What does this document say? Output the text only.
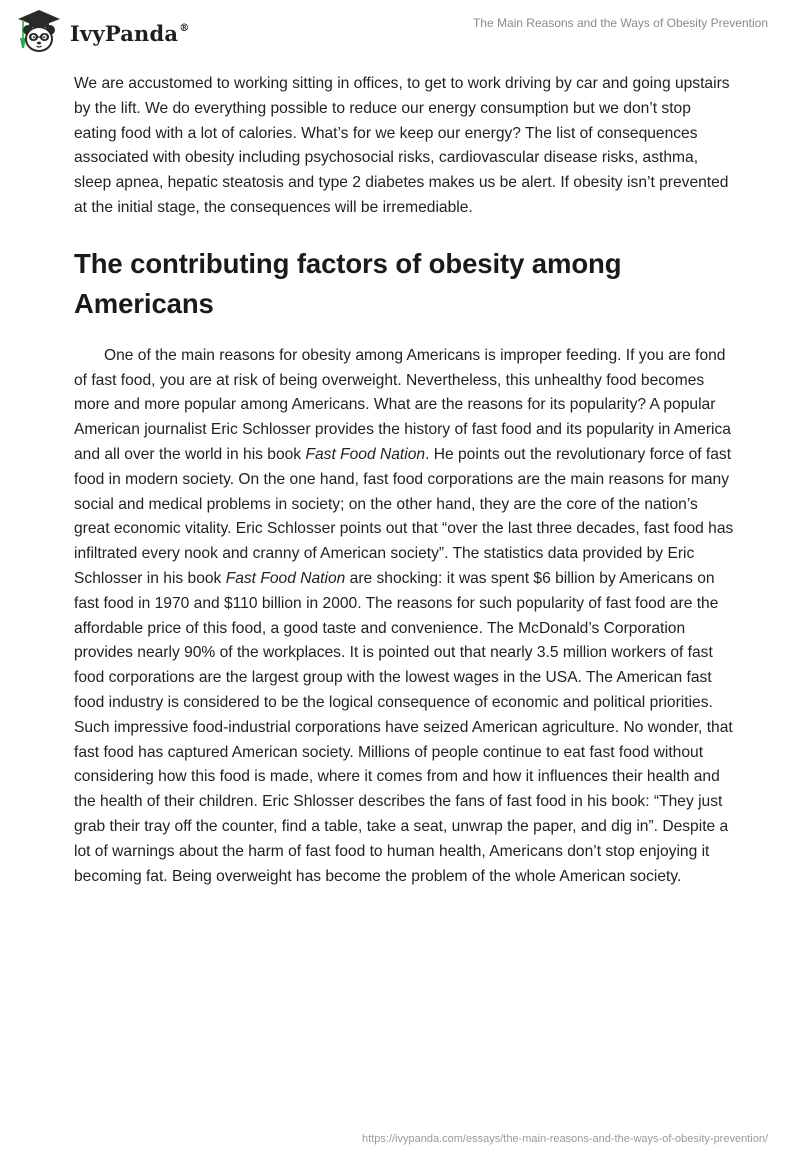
IvyPanda®	The Main Reasons and the Ways of Obesity Prevention

We are accustomed to working sitting in offices, to get to work driving by car and going upstairs by the lift. We do everything possible to reduce our energy consumption but we don’t stop eating food with a lot of calories. What’s for we keep our energy? The list of consequences associated with obesity including psychosocial risks, cardiovascular disease risks, asthma, sleep apnea, hepatic steatosis and type 2 diabetes makes us be alert. If obesity isn’t prevented at the initial stage, the consequences will be irremediable.

The contributing factors of obesity among Americans

One of the main reasons for obesity among Americans is improper feeding. If you are fond of fast food, you are at risk of being overweight. Nevertheless, this unhealthy food becomes more and more popular among Americans. What are the reasons for its popularity? A popular American journalist Eric Schlosser provides the history of fast food and its popularity in America and all over the world in his book Fast Food Nation. He points out the revolutionary force of fast food in modern society. On the one hand, fast food corporations are the main reasons for many social and medical problems in society; on the other hand, they are the core of the nation’s great economic vitality. Eric Schlosser points out that “over the last three decades, fast food has infiltrated every nook and cranny of American society”. The statistics data provided by Eric Schlosser in his book Fast Food Nation are shocking: it was spent $6 billion by Americans on fast food in 1970 and $110 billion in 2000. The reasons for such popularity of fast food are the affordable price of this food, a good taste and convenience. The McDonald’s Corporation provides nearly 90% of the workplaces. It is pointed out that nearly 3.5 million workers of fast food corporations are the largest group with the lowest wages in the USA. The American fast food industry is considered to be the logical consequence of economic and political priorities. Such impressive food-industrial corporations have seized American agriculture. No wonder, that fast food has captured American society. Millions of people continue to eat fast food without considering how this food is made, where it comes from and how it influences their health and the health of their children. Eric Shlosser describes the fans of fast food in his book: “They just grab their tray off the counter, find a table, take a seat, unwrap the paper, and dig in”. Despite a lot of warnings about the harm of fast food to human health, Americans don’t stop enjoying it becoming fat. Being overweight has become the problem of the whole American society.

https://ivypanda.com/essays/the-main-reasons-and-the-ways-of-obesity-prevention/
